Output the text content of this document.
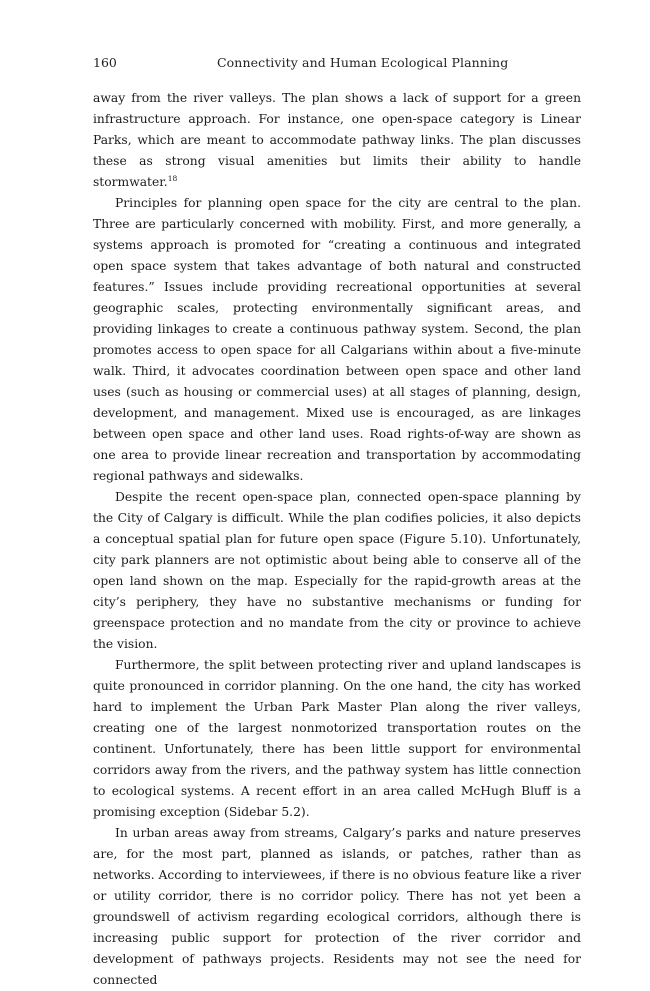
160	Connectivity and Human Ecological Planning

away from the river valleys. The plan shows a lack of support for a green infrastructure approach. For instance, one open-space category is Linear Parks, which are meant to accommodate pathway links. The plan discusses these as strong visual amenities but limits their ability to handle stormwater.$^{18}$

Principles for planning open space for the city are central to the plan. Three are particularly concerned with mobility. First, and more generally, a systems approach is promoted for “creating a continuous and integrated open space system that takes advantage of both natural and constructed features.” Issues include providing recreational opportunities at several geographic scales, protecting environmentally significant areas, and providing linkages to create a continuous pathway system. Second, the plan promotes access to open space for all Calgarians within about a five-minute walk. Third, it advocates coordination between open space and other land uses (such as housing or commercial uses) at all stages of planning, design, development, and management. Mixed use is encouraged, as are linkages between open space and other land uses. Road rights-of-way are shown as one area to provide linear recreation and transportation by accommodating regional pathways and sidewalks.

Despite the recent open-space plan, connected open-space planning by the City of Calgary is difficult. While the plan codifies policies, it also depicts a conceptual spatial plan for future open space (Figure 5.10). Unfortunately, city park planners are not optimistic about being able to conserve all of the open land shown on the map. Especially for the rapid-growth areas at the city’s periphery, they have no substantive mechanisms or funding for greenspace protection and no mandate from the city or province to achieve the vision.

Furthermore, the split between protecting river and upland landscapes is quite pronounced in corridor planning. On the one hand, the city has worked hard to implement the Urban Park Master Plan along the river valleys, creating one of the largest nonmotorized transportation routes on the continent. Unfortunately, there has been little support for environmental corridors away from the rivers, and the pathway system has little connection to ecological systems. A recent effort in an area called McHugh Bluff is a promising exception (Sidebar 5.2).

In urban areas away from streams, Calgary’s parks and nature preserves are, for the most part, planned as islands, or patches, rather than as networks. According to interviewees, if there is no obvious feature like a river or utility corridor, there is no corridor policy. There has not yet been a groundswell of activism regarding ecological corridors, although there is increasing public support for protection of the river corridor and development of pathways projects. Residents may not see the need for connected
